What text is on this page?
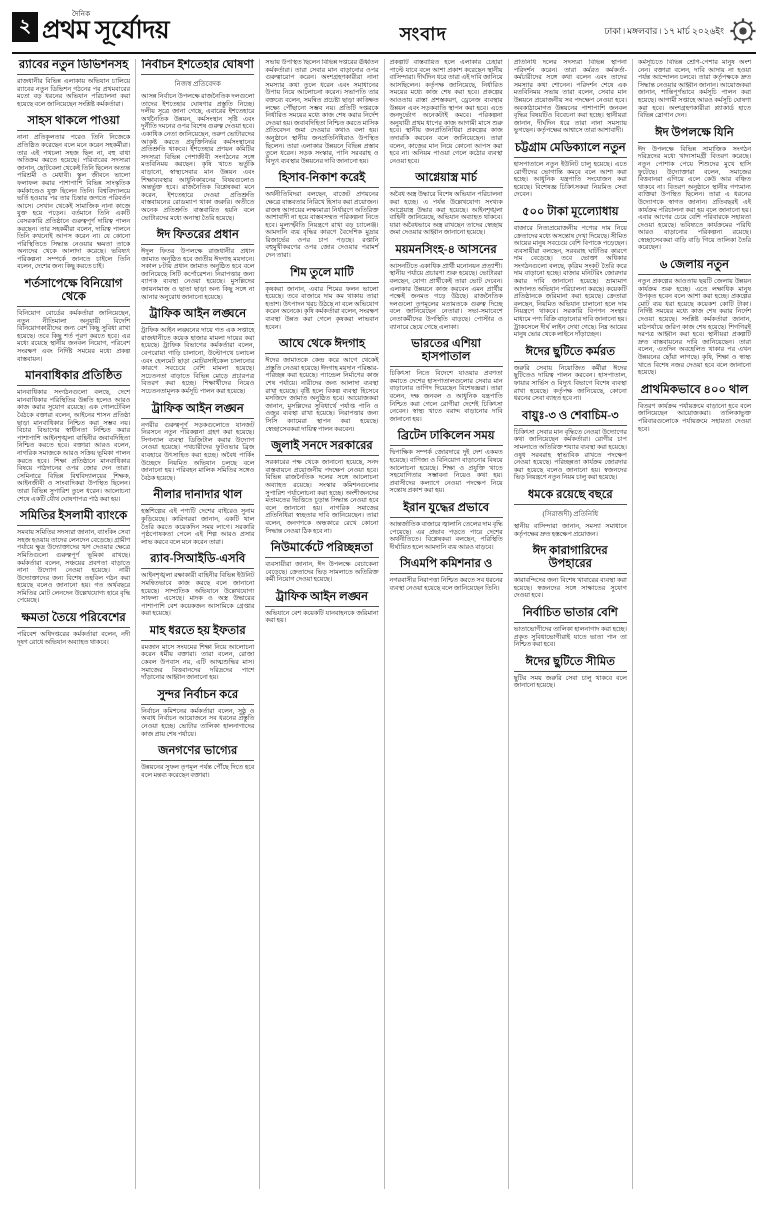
২
দৈনিক
প্রথম সূর্যোদয়	সংবাদ	ঢাকা ৷ মঙ্গলবার ৷ ১৭ মার্চ ২০২৬ইং
র‌্যাবের নতুন ডিভিশনসহ
রাজধানীর বিভিন্ন এলাকায় অভিযান চালিয়ে র‌্যাবের নতুন ডিভিশন গঠনের পর প্রথমবারের মতো বড় ধরনের অভিযান পরিচালনা করা হয়েছে বলে জানিয়েছেন সংশ্লিষ্ট কর্মকর্তারা।
সাহস থাকলে পাওয়া
নানা প্রতিকূলতার পরেও তিনি নিজেকে প্রতিষ্ঠিত করেছেন বলে মনে করেন সহকর্মীরা। তার এই পথচলা সহজ ছিল না, বহু বাধা অতিক্রম করতে হয়েছে। পরিবারের সদস্যরা জানান, ছোটবেলা থেকেই তিনি ছিলেন অত্যন্ত পরিশ্রমী ও মেধাবী। স্কুল জীবনে ভালো ফলাফল করার পাশাপাশি বিভিন্ন সাংস্কৃতিক কর্মকাণ্ডেও যুক্ত ছিলেন তিনি। বিশ্ববিদ্যালয়ে ভর্তি হওয়ার পর তার চিন্তার জগতে পরিবর্তন আসে। সেখান থেকেই সামাজিক নানা কাজে যুক্ত হয়ে পড়েন। বর্তমানে তিনি একটি বেসরকারি প্রতিষ্ঠানে গুরুত্বপূর্ণ দায়িত্ব পালন করছেন। তার সহকর্মীরা বলেন, দায়িত্ব পালনে তিনি কখনোই আপস করেন না। যে কোনো পরিস্থিতিতে সিদ্ধান্ত নেওয়ার ক্ষমতা তাকে অন্যদের থেকে আলাদা করেছে। ভবিষ্যৎ পরিকল্পনা সম্পর্কে জানতে চাইলে তিনি বলেন, দেশের জন্য কিছু করতে চাই।
শর্তসাপেক্ষে বিনিয়োগ থেকে
বিনিয়োগ বোর্ডের কর্মকর্তারা জানিয়েছেন, নতুন নীতিমালা অনুযায়ী বিদেশি বিনিয়োগকারীদের জন্য বেশ কিছু সুবিধা রাখা হয়েছে। তবে কিছু শর্ত পূরণ করতে হবে। এর মধ্যে রয়েছে স্থানীয় জনবল নিয়োগ, পরিবেশ সংরক্ষণ এবং নির্দিষ্ট সময়ের মধ্যে প্রকল্প বাস্তবায়ন।
মানবাধিকার প্রতিষ্ঠিত
মানবাধিকার সংগঠনগুলো বলছে, দেশে মানবাধিকার পরিস্থিতির উন্নতি হলেও আরও কাজ করার সুযোগ রয়েছে। এক গোলটেবিল বৈঠকে বক্তারা বলেন, আইনের শাসন প্রতিষ্ঠা ছাড়া মানবাধিকার নিশ্চিত করা সম্ভব নয়। বিচার বিভাগের স্বাধীনতা নিশ্চিত করার পাশাপাশি আইনশৃঙ্খলা বাহিনীর জবাবদিহিতা নিশ্চিত করতে হবে। বক্তারা আরও বলেন, নাগরিক সমাজকে আরও সক্রিয় ভূমিকা পালন করতে হবে। শিক্ষা প্রতিষ্ঠানে মানবাধিকার বিষয়ে পাঠদানের ওপর জোর দেন তারা। সেমিনারে বিভিন্ন বিশ্ববিদ্যালয়ের শিক্ষক, আইনজীবী ও সাংবাদিকরা উপস্থিত ছিলেন। তারা বিভিন্ন সুপারিশ তুলে ধরেন। আলোচনা শেষে একটি যৌথ ঘোষণাপত্র পাঠ করা হয়।
সমিতির ইসলামী ব্যাংকে
সমবায় সমিতির সদস্যরা জানান, ব্যাংকিং সেবা সহজ হওয়ায় তাদের লেনদেন বেড়েছে। গ্রামীণ পর্যায়ে ক্ষুদ্র উদ্যোক্তাদের ঋণ দেওয়ার ক্ষেত্রে সমিতিগুলো গুরুত্বপূর্ণ ভূমিকা রাখছে। কর্মকর্তারা বলেন, সঞ্চয়ের প্রবণতা বাড়াতে নানা উদ্যোগ নেওয়া হয়েছে। নারী উদ্যোক্তাদের জন্য বিশেষ তহবিল গঠন করা হয়েছে বলেও জানানো হয়। গত অর্থবছরে সমিতির মোট লেনদেন উল্লেখযোগ্য হারে বৃদ্ধি পেয়েছে।
ক্ষমতা তৈয়ে পরিবেশের
পরিবেশ অধিদপ্তরের কর্মকর্তারা বলেন, নদী দূষণ রোধে অভিযান অব্যাহত থাকবে।
নির্বাচন ইশতেহার ঘোষণা
নিজস্ব প্রতিবেদক
আসন্ন নির্বাচন উপলক্ষে রাজনৈতিক দলগুলো তাদের ইশতেহার ঘোষণার প্রস্তুতি নিচ্ছে। দলীয় সূত্রে জানা গেছে, এবারের ইশতেহারে অর্থনৈতিক উন্নয়ন, কর্মসংস্থান সৃষ্টি এবং দুর্নীতি দমনের ওপর বিশেষ গুরুত্ব দেওয়া হবে। একাধিক নেতা জানিয়েছেন, তরুণ ভোটারদের আকৃষ্ট করতে প্রযুক্তিনির্ভর কর্মসংস্থানের প্রতিশ্রুতি থাকবে। ইশতেহার প্রণয়ন কমিটির সদস্যরা বিভিন্ন পেশাজীবী সংগঠনের সঙ্গে মতবিনিময় করছেন। কৃষি খাতে ভর্তুকি বাড়ানো, স্বাস্থ্যসেবার মান উন্নয়ন এবং শিক্ষাব্যবস্থার আধুনিকায়নের বিষয়গুলোও অন্তর্ভুক্ত হবে। রাজনৈতিক বিশ্লেষকরা মনে করেন, ইশতেহারে দেওয়া প্রতিশ্রুতি বাস্তবায়নের রোডম্যাপ থাকা জরুরি। অতীতে অনেক প্রতিশ্রুতি বাস্তবায়িত হয়নি বলে ভোটারদের মধ্যে অনাস্থা তৈরি হয়েছে।
ঈদ ফিতরের প্রধান
ঈদুল ফিতর উপলক্ষে রাজধানীর প্রধান জামাত অনুষ্ঠিত হবে জাতীয় ঈদগাহ ময়দানে। সকাল ৮টায় প্রধান জামাত অনুষ্ঠিত হবে বলে জানিয়েছে সিটি কর্পোরেশন। নিরাপত্তার জন্য ব্যাপক ব্যবস্থা নেওয়া হয়েছে। মুসল্লিদের জায়নামাজ ও ছাতা ছাড়া অন্য কিছু সঙ্গে না আনার অনুরোধ জানানো হয়েছে।
ট্রাফিক আইন লঙ্ঘনে
ট্রাফিক আইন লঙ্ঘনের দায়ে গত এক সপ্তাহে রাজধানীতে কয়েক হাজার মামলা দায়ের করা হয়েছে। ট্রাফিক বিভাগের কর্মকর্তারা বলেন, বেপরোয়া গাড়ি চালানো, উল্টোপথে চলাচল এবং হেলমেট ছাড়া মোটরসাইকেল চালানোর কারণে সবচেয়ে বেশি মামলা হয়েছে। সচেতনতা বাড়াতে বিভিন্ন মোড়ে প্রচারপত্র বিতরণ করা হচ্ছে। শিক্ষার্থীদের নিয়েও সচেতনতামূলক কর্মসূচি পালন করা হয়েছে।
ট্রাফিক আইন লঙ্ঘন
নগরীর গুরুত্বপূর্ণ সড়কগুলোতে যানজট নিরসনে নতুন পরিকল্পনা গ্রহণ করা হয়েছে। সিগন্যাল ব্যবস্থা ডিজিটাল করার উদ্যোগ নেওয়া হয়েছে। পথচারীদের ফুটওভার ব্রিজ ব্যবহারে উৎসাহিত করা হচ্ছে। অবৈধ পার্কিং উচ্ছেদে নিয়মিত অভিযান চলছে বলে জানানো হয়। পরিবহন মালিক সমিতির সঙ্গেও বৈঠক হয়েছে।
নীলার দানাদার থাল
হস্তশিল্পের এই পণ্যটি দেশের বাইরেও সুনাম কুড়িয়েছে। কারিগররা জানান, একটি থাল তৈরি করতে কয়েকদিন সময় লাগে। সরকারি পৃষ্ঠপোষকতা পেলে এই শিল্প আরও প্রসার লাভ করবে বলে মনে করেন তারা।
র‌্যাব-সিআইডি-এসবি
আইনশৃঙ্খলা রক্ষাকারী বাহিনীর বিভিন্ন ইউনিট সমন্বিতভাবে কাজ করছে বলে জানানো হয়েছে। সাম্প্রতিক অভিযানে উল্লেখযোগ্য সাফল্য এসেছে। মাদক ও অস্ত্র উদ্ধারের পাশাপাশি বেশ কয়েকজন আসামিকে গ্রেপ্তার করা হয়েছে।
মাহ ধরতে হয় ইফতার
রমজান মাসে সংযমের শিক্ষা নিয়ে আলোচনা করেন ধর্মীয় বক্তারা। তারা বলেন, রোজা কেবল উপবাস নয়, এটি আত্মশুদ্ধির মাস। সমাজের বিত্তবানদের দরিদ্রদের পাশে দাঁড়ানোর আহ্বান জানানো হয়।
সুন্দর নির্বাচন করে
নির্বাচন কমিশনের কর্মকর্তারা বলেন, সুষ্ঠু ও অবাধ নির্বাচন আয়োজনে সব ধরনের প্রস্তুতি নেওয়া হচ্ছে। ভোটার তালিকা হালনাগাদের কাজ প্রায় শেষ পর্যায়ে।
জনগণের ভাগ্যের
উন্নয়নের সুফল তৃণমূল পর্যন্ত পৌঁছে দিতে হবে বলে মন্তব্য করেছেন বক্তারা।
সভায় উপস্থিত ছিলেন বিভিন্ন দপ্তরের ঊর্ধ্বতন কর্মকর্তারা। তারা সেবার মান বাড়ানোর ওপর গুরুত্বারোপ করেন। অংশগ্রহণকারীরা নানা সমস্যার কথা তুলে ধরেন এবং সমাধানের উপায় নিয়ে আলোচনা করেন। সভাপতি তার বক্তব্যে বলেন, সমন্বিত প্রচেষ্টা ছাড়া কাঙ্ক্ষিত লক্ষ্যে পৌঁছানো সম্ভব নয়। প্রতিটি দপ্তরকে নির্ধারিত সময়ের মধ্যে কাজ শেষ করার নির্দেশ দেওয়া হয়। জবাবদিহিতা নিশ্চিত করতে মাসিক প্রতিবেদন জমা দেওয়ার কথাও বলা হয়। অনুষ্ঠানে স্থানীয় জনপ্রতিনিধিরাও উপস্থিত ছিলেন। তারা এলাকার উন্নয়নে বিভিন্ন প্রস্তাব তুলে ধরেন। সড়ক সংস্কার, পানি সরবরাহ ও বিদ্যুৎ ব্যবস্থার উন্নয়নের দাবি জানানো হয়।
হিসাব-নিকাশ করেই
অর্থনীতিবিদরা বলছেন, বাজেট প্রণয়নের ক্ষেত্রে বাস্তবতার নিরিখে হিসাব করা প্রয়োজন। রাজস্ব আদায়ের লক্ষ্যমাত্রা নির্ধারণে অতিরিক্ত আশাবাদী না হয়ে বাস্তবসম্মত পরিকল্পনা নিতে হবে। মূল্যস্ফীতি নিয়ন্ত্রণে রাখা বড় চ্যালেঞ্জ। আমদানি ব্যয় বৃদ্ধির কারণে বৈদেশিক মুদ্রার রিজার্ভের ওপর চাপ পড়ছে। রপ্তানি বহুমুখীকরণের ওপর জোর দেওয়ার পরামর্শ দেন তারা।
শিম তুলে মাটি
কৃষকরা জানান, এবার শিমের ফলন ভালো হয়েছে। তবে বাজারে দাম কম থাকায় তারা হতাশ। উৎপাদন খরচ উঠছে না বলে অভিযোগ করেন অনেকে। কৃষি কর্মকর্তারা বলেন, সংরক্ষণ ব্যবস্থা উন্নত করা গেলে কৃষকরা লাভবান হবেন।
আঘে থেকে ঈদগাহ
ঈদের জামাতকে কেন্দ্র করে আগে থেকেই প্রস্তুতি নেওয়া হয়েছে। ঈদগাহ ময়দান পরিষ্কার-পরিচ্ছন্ন করা হয়েছে। প্যান্ডেল নির্মাণের কাজ শেষ পর্যায়ে। নারীদের জন্য আলাদা ব্যবস্থা রাখা হয়েছে। বৃষ্টি হলে বিকল্প ব্যবস্থা হিসেবে মসজিদে জামাত অনুষ্ঠিত হবে। আয়োজকরা জানান, মুসল্লিদের সুবিধার্থে পর্যাপ্ত পানি ও ওজুর ব্যবস্থা রাখা হয়েছে। নিরাপত্তার জন্য সিসি ক্যামেরা স্থাপন করা হয়েছে। স্বেচ্ছাসেবকরা দায়িত্ব পালন করবেন।
জুলাই সনদে সরকারের
সরকারের পক্ষ থেকে জানানো হয়েছে, সনদ বাস্তবায়নে প্রয়োজনীয় পদক্ষেপ নেওয়া হবে। বিভিন্ন রাজনৈতিক দলের সঙ্গে আলোচনা অব্যাহত রয়েছে। সংস্কার কমিশনগুলোর সুপারিশ পর্যালোচনা করা হচ্ছে। অংশীজনদের মতামতের ভিত্তিতে চূড়ান্ত সিদ্ধান্ত নেওয়া হবে বলে জানানো হয়। নাগরিক সমাজের প্রতিনিধিরা স্বচ্ছতার দাবি জানিয়েছেন। তারা বলেন, জনগণকে অন্ধকারে রেখে কোনো সিদ্ধান্ত নেওয়া ঠিক হবে না।
নিউমার্কেটে পরিচ্ছন্নতা
ব্যবসায়ীরা জানান, ঈদ উপলক্ষে বেচাকেনা বেড়েছে। ক্রেতাদের ভিড় সামলাতে অতিরিক্ত কর্মী নিয়োগ দেওয়া হয়েছে।
ট্রাফিক আইন লঙ্ঘন
অভিযানে বেশ কয়েকটি যানবাহনকে জরিমানা করা হয়।
প্রকল্পটি বাস্তবায়িত হলে এলাকার চেহারা পাল্টে যাবে বলে আশা প্রকাশ করেছেন স্থানীয় বাসিন্দারা। দীর্ঘদিন ধরে তারা এই দাবি জানিয়ে আসছিলেন। কর্তৃপক্ষ জানিয়েছে, নির্ধারিত সময়ের মধ্যে কাজ শেষ করা হবে। প্রকল্পের আওতায় রাস্তা প্রশস্তকরণ, ড্রেনেজ ব্যবস্থার উন্নয়ন এবং সড়কবাতি স্থাপন করা হবে। এতে জনদুর্ভোগ অনেকটাই কমবে। পরিকল্পনা অনুযায়ী প্রথম ধাপের কাজ আগামী মাসে শুরু হবে। স্থানীয় জনপ্রতিনিধিরা প্রকল্পের কাজ তদারকি করবেন বলে জানিয়েছেন। তারা বলেন, কাজের মান নিয়ে কোনো আপস করা হবে না। অনিয়ম পাওয়া গেলে কঠোর ব্যবস্থা নেওয়া হবে।
আগ্নেয়াস্ত্র মার্চ
অবৈধ অস্ত্র উদ্ধারে বিশেষ অভিযান পরিচালনা করা হচ্ছে। এ পর্যন্ত উল্লেখযোগ্য সংখ্যক আগ্নেয়াস্ত্র উদ্ধার করা হয়েছে। আইনশৃঙ্খলা বাহিনী জানিয়েছে, অভিযান অব্যাহত থাকবে। যারা অবৈধভাবে অস্ত্র রাখছেন তাদের স্বেচ্ছায় জমা দেওয়ার আহ্বান জানানো হয়েছে।
ময়মনসিংহ-৪ আসনের
আসনটিতে একাধিক প্রার্থী মনোনয়ন প্রত্যাশী। স্থানীয় পর্যায়ে প্রচারণা শুরু হয়েছে। ভোটাররা বলছেন, যোগ্য প্রার্থীকেই তারা ভোট দেবেন। এলাকার উন্নয়নে কাজ করবেন এমন প্রার্থীর পক্ষেই জনমত গড়ে উঠছে। রাজনৈতিক দলগুলো তৃণমূলের মতামতকে গুরুত্ব দিচ্ছে বলে জানিয়েছেন নেতারা। সভা-সমাবেশে নেতাকর্মীদের উপস্থিতি বাড়ছে। পোস্টার ও ব্যানারে ছেয়ে গেছে এলাকা।
ভারতের এশিয়া হাসপাতাল
চিকিৎসা নিতে বিদেশে যাওয়ার প্রবণতা কমাতে দেশের হাসপাতালগুলোর সেবার মান বাড়ানোর তাগিদ দিয়েছেন বিশেষজ্ঞরা। তারা বলেন, দক্ষ জনবল ও আধুনিক যন্ত্রপাতি নিশ্চিত করা গেলে রোগীরা দেশেই চিকিৎসা নেবেন। স্বাস্থ্য খাতে বরাদ্দ বাড়ানোর দাবি জানানো হয়।
ব্রিটেন ঢাকিলেন সময়
দ্বিপাক্ষিক সম্পর্ক জোরদারে দুই দেশ একমত হয়েছে। বাণিজ্য ও বিনিয়োগ বাড়ানোর বিষয়ে আলোচনা হয়েছে। শিক্ষা ও প্রযুক্তি খাতে সহযোগিতার সম্ভাবনা নিয়েও কথা হয়। প্রবাসীদের কল্যাণে নেওয়া পদক্ষেপ নিয়ে সন্তোষ প্রকাশ করা হয়।
ইরান যুদ্ধের প্রভাবে
আন্তর্জাতিক বাজারে জ্বালানি তেলের দাম বৃদ্ধি পেয়েছে। এর প্রভাব পড়তে পারে দেশের অর্থনীতিতে। বিশ্লেষকরা বলছেন, পরিস্থিতি দীর্ঘায়িত হলে আমদানি ব্যয় আরও বাড়বে।
সিএমপি কমিশনার ও
নগরবাসীর নিরাপত্তা নিশ্চিত করতে সব ধরনের ব্যবস্থা নেওয়া হয়েছে বলে জানিয়েছেন তিনি।
প্রতিনিধি দলের সদস্যরা বিভিন্ন স্থাপনা পরিদর্শন করেন। তারা কর্মরত কর্মকর্তা-কর্মচারীদের সঙ্গে কথা বলেন এবং তাদের সমস্যার কথা শোনেন। পরিদর্শন শেষে এক মতবিনিময় সভায় তারা বলেন, সেবার মান উন্নয়নে প্রয়োজনীয় সব পদক্ষেপ নেওয়া হবে। অবকাঠামোগত উন্নয়নের পাশাপাশি জনবল বৃদ্ধির বিষয়টিও বিবেচনা করা হচ্ছে। স্থানীয়রা জানান, দীর্ঘদিন ধরে তারা নানা সমস্যায় ভুগছেন। কর্তৃপক্ষের আশ্বাসে তারা আশাবাদী।
চট্টগ্রাম মেডিক্যালে নতুন
হাসপাতালে নতুন ইউনিট চালু হয়েছে। এতে রোগীদের ভোগান্তি কমবে বলে আশা করা হচ্ছে। আধুনিক যন্ত্রপাতি সংযোজন করা হয়েছে। বিশেষজ্ঞ চিকিৎসকরা নিয়মিত সেবা দেবেন।
৫০০ টাকা মূল্যেোধায়
বাজারে নিত্যপ্রয়োজনীয় পণ্যের দাম নিয়ে ক্রেতাদের মধ্যে অসন্তোষ দেখা দিয়েছে। সীমিত আয়ের মানুষ সবচেয়ে বেশি বিপাকে পড়েছেন। ব্যবসায়ীরা বলছেন, সরবরাহ ঘাটতির কারণে দাম বেড়েছে। তবে ভোক্তা অধিকার সংগঠনগুলো বলছে, কৃত্রিম সংকট তৈরি করে দাম বাড়ানো হচ্ছে। বাজার মনিটরিং জোরদার করার দাবি জানানো হয়েছে। ভ্রাম্যমাণ আদালত অভিযান পরিচালনা করছে। কয়েকটি প্রতিষ্ঠানকে জরিমানা করা হয়েছে। ক্রেতারা বলছেন, নিয়মিত অভিযান চালানো হলে দাম নিয়ন্ত্রণে থাকবে। সরকারি বিপণন সংস্থার মাধ্যমে পণ্য বিক্রি বাড়ানোর দাবি জানানো হয়। ট্রাকসেলে দীর্ঘ লাইন দেখা গেছে। নিম্ন আয়ের মানুষ ভোর থেকে লাইনে দাঁড়াচ্ছেন।
ঈদের ছুটিতে কর্মরত
জরুরি সেবায় নিয়োজিত কর্মীরা ঈদের ছুটিতেও দায়িত্ব পালন করবেন। হাসপাতাল, ফায়ার সার্ভিস ও বিদ্যুৎ বিভাগে বিশেষ ব্যবস্থা রাখা হয়েছে। কর্তৃপক্ষ জানিয়েছে, কোনো ধরনের সেবা ব্যাহত হবে না।
বায়ুঃ-৩ ও শেবাচিম-৩
চিকিৎসা সেবার মান বৃদ্ধিতে নেওয়া উদ্যোগের কথা জানিয়েছেন কর্মকর্তারা। রোগীর চাপ সামলাতে অতিরিক্ত শয্যার ব্যবস্থা করা হয়েছে। ওষুধ সরবরাহ স্বাভাবিক রাখতে পদক্ষেপ নেওয়া হয়েছে। পরিচ্ছন্নতা কার্যক্রম জোরদার করা হয়েছে বলেও জানানো হয়। স্বজনদের ভিড় নিয়ন্ত্রণে নতুন নিয়ম চালু করা হয়েছে।
ধমকে রয়েছে বছরে
(সিরাজদী) প্রতিনিধি
স্থানীয় বাসিন্দারা জানান, সমস্যা সমাধানে কর্তৃপক্ষের দ্রুত হস্তক্ষেপ প্রয়োজন।
ঈদ কারাগারিদের উপহারের
কারাবন্দিদের জন্য বিশেষ খাবারের ব্যবস্থা করা হয়েছে। স্বজনদের সঙ্গে সাক্ষাতের সুযোগ দেওয়া হবে।
নির্বাচিত ভাতার বেশি
ভাতাভোগীদের তালিকা হালনাগাদ করা হচ্ছে। প্রকৃত সুবিধাভোগীরাই যাতে ভাতা পান তা নিশ্চিত করা হবে।
ঈদের ছুটিতে সীমিত
ছুটির সময় জরুরি সেবা চালু থাকবে বলে জানানো হয়েছে।
কর্মসূচিতে বিভিন্ন শ্রেণি-পেশার মানুষ অংশ নেন। বক্তারা বলেন, দাবি আদায় না হওয়া পর্যন্ত আন্দোলন চলবে। তারা কর্তৃপক্ষকে দ্রুত সিদ্ধান্ত নেওয়ার আহ্বান জানান। আয়োজকরা জানান, শান্তিপূর্ণভাবে কর্মসূচি পালন করা হয়েছে। আগামী সপ্তাহে আরও কর্মসূচি ঘোষণা করা হবে। অংশগ্রহণকারীরা প্ল্যাকার্ড হাতে বিভিন্ন স্লোগান দেন।
ঈদ উপলক্ষে যিনি
ঈদ উপলক্ষে বিভিন্ন সামাজিক সংগঠন দরিদ্রদের মধ্যে খাদ্যসামগ্রী বিতরণ করেছে। নতুন পোশাক পেয়ে শিশুদের মুখে হাসি ফুটেছে। উদ্যোক্তারা বলেন, সমাজের বিত্তবানরা এগিয়ে এলে কেউ আর বঞ্চিত থাকবে না। বিতরণ অনুষ্ঠানে স্থানীয় গণ্যমান্য ব্যক্তিরা উপস্থিত ছিলেন। তারা এ ধরনের উদ্যোগকে স্বাগত জানান। প্রতিবছরই এই কার্যক্রম পরিচালনা করা হয় বলে জানানো হয়। এবার আগের চেয়ে বেশি পরিবারকে সহায়তা দেওয়া হয়েছে। ভবিষ্যতে কার্যক্রমের পরিধি আরও বাড়ানোর পরিকল্পনা রয়েছে। স্বেচ্ছাসেবকরা বাড়ি বাড়ি গিয়ে তালিকা তৈরি করেছেন।
৬ জেলায় নতুন
নতুন প্রকল্পের আওতায় ছয়টি জেলায় উন্নয়ন কার্যক্রম শুরু হচ্ছে। এতে লক্ষাধিক মানুষ উপকৃত হবেন বলে আশা করা হচ্ছে। প্রকল্পের মোট ব্যয় ধরা হয়েছে কয়েকশ কোটি টাকা। নির্দিষ্ট সময়ের মধ্যে কাজ শেষ করার নির্দেশ দেওয়া হয়েছে। সংশ্লিষ্ট কর্মকর্তারা জানান, মাঠপর্যায়ে জরিপ কাজ শেষ হয়েছে। শিগগিরই দরপত্র আহ্বান করা হবে। স্থানীয়রা প্রকল্পটি দ্রুত বাস্তবায়নের দাবি জানিয়েছেন। তারা বলেন, এতদিন অবহেলিত থাকার পর এখন উন্নয়নের ছোঁয়া লাগছে। কৃষি, শিক্ষা ও স্বাস্থ্য খাতে বিশেষ নজর দেওয়া হবে বলে জানানো হয়েছে।
প্রাথমিকভাবে ৪০০ থাল
বিতরণ কার্যক্রম পর্যায়ক্রমে বাড়ানো হবে বলে জানিয়েছেন আয়োজকরা। তালিকাভুক্ত পরিবারগুলোকে পর্যায়ক্রমে সহায়তা দেওয়া হবে।
